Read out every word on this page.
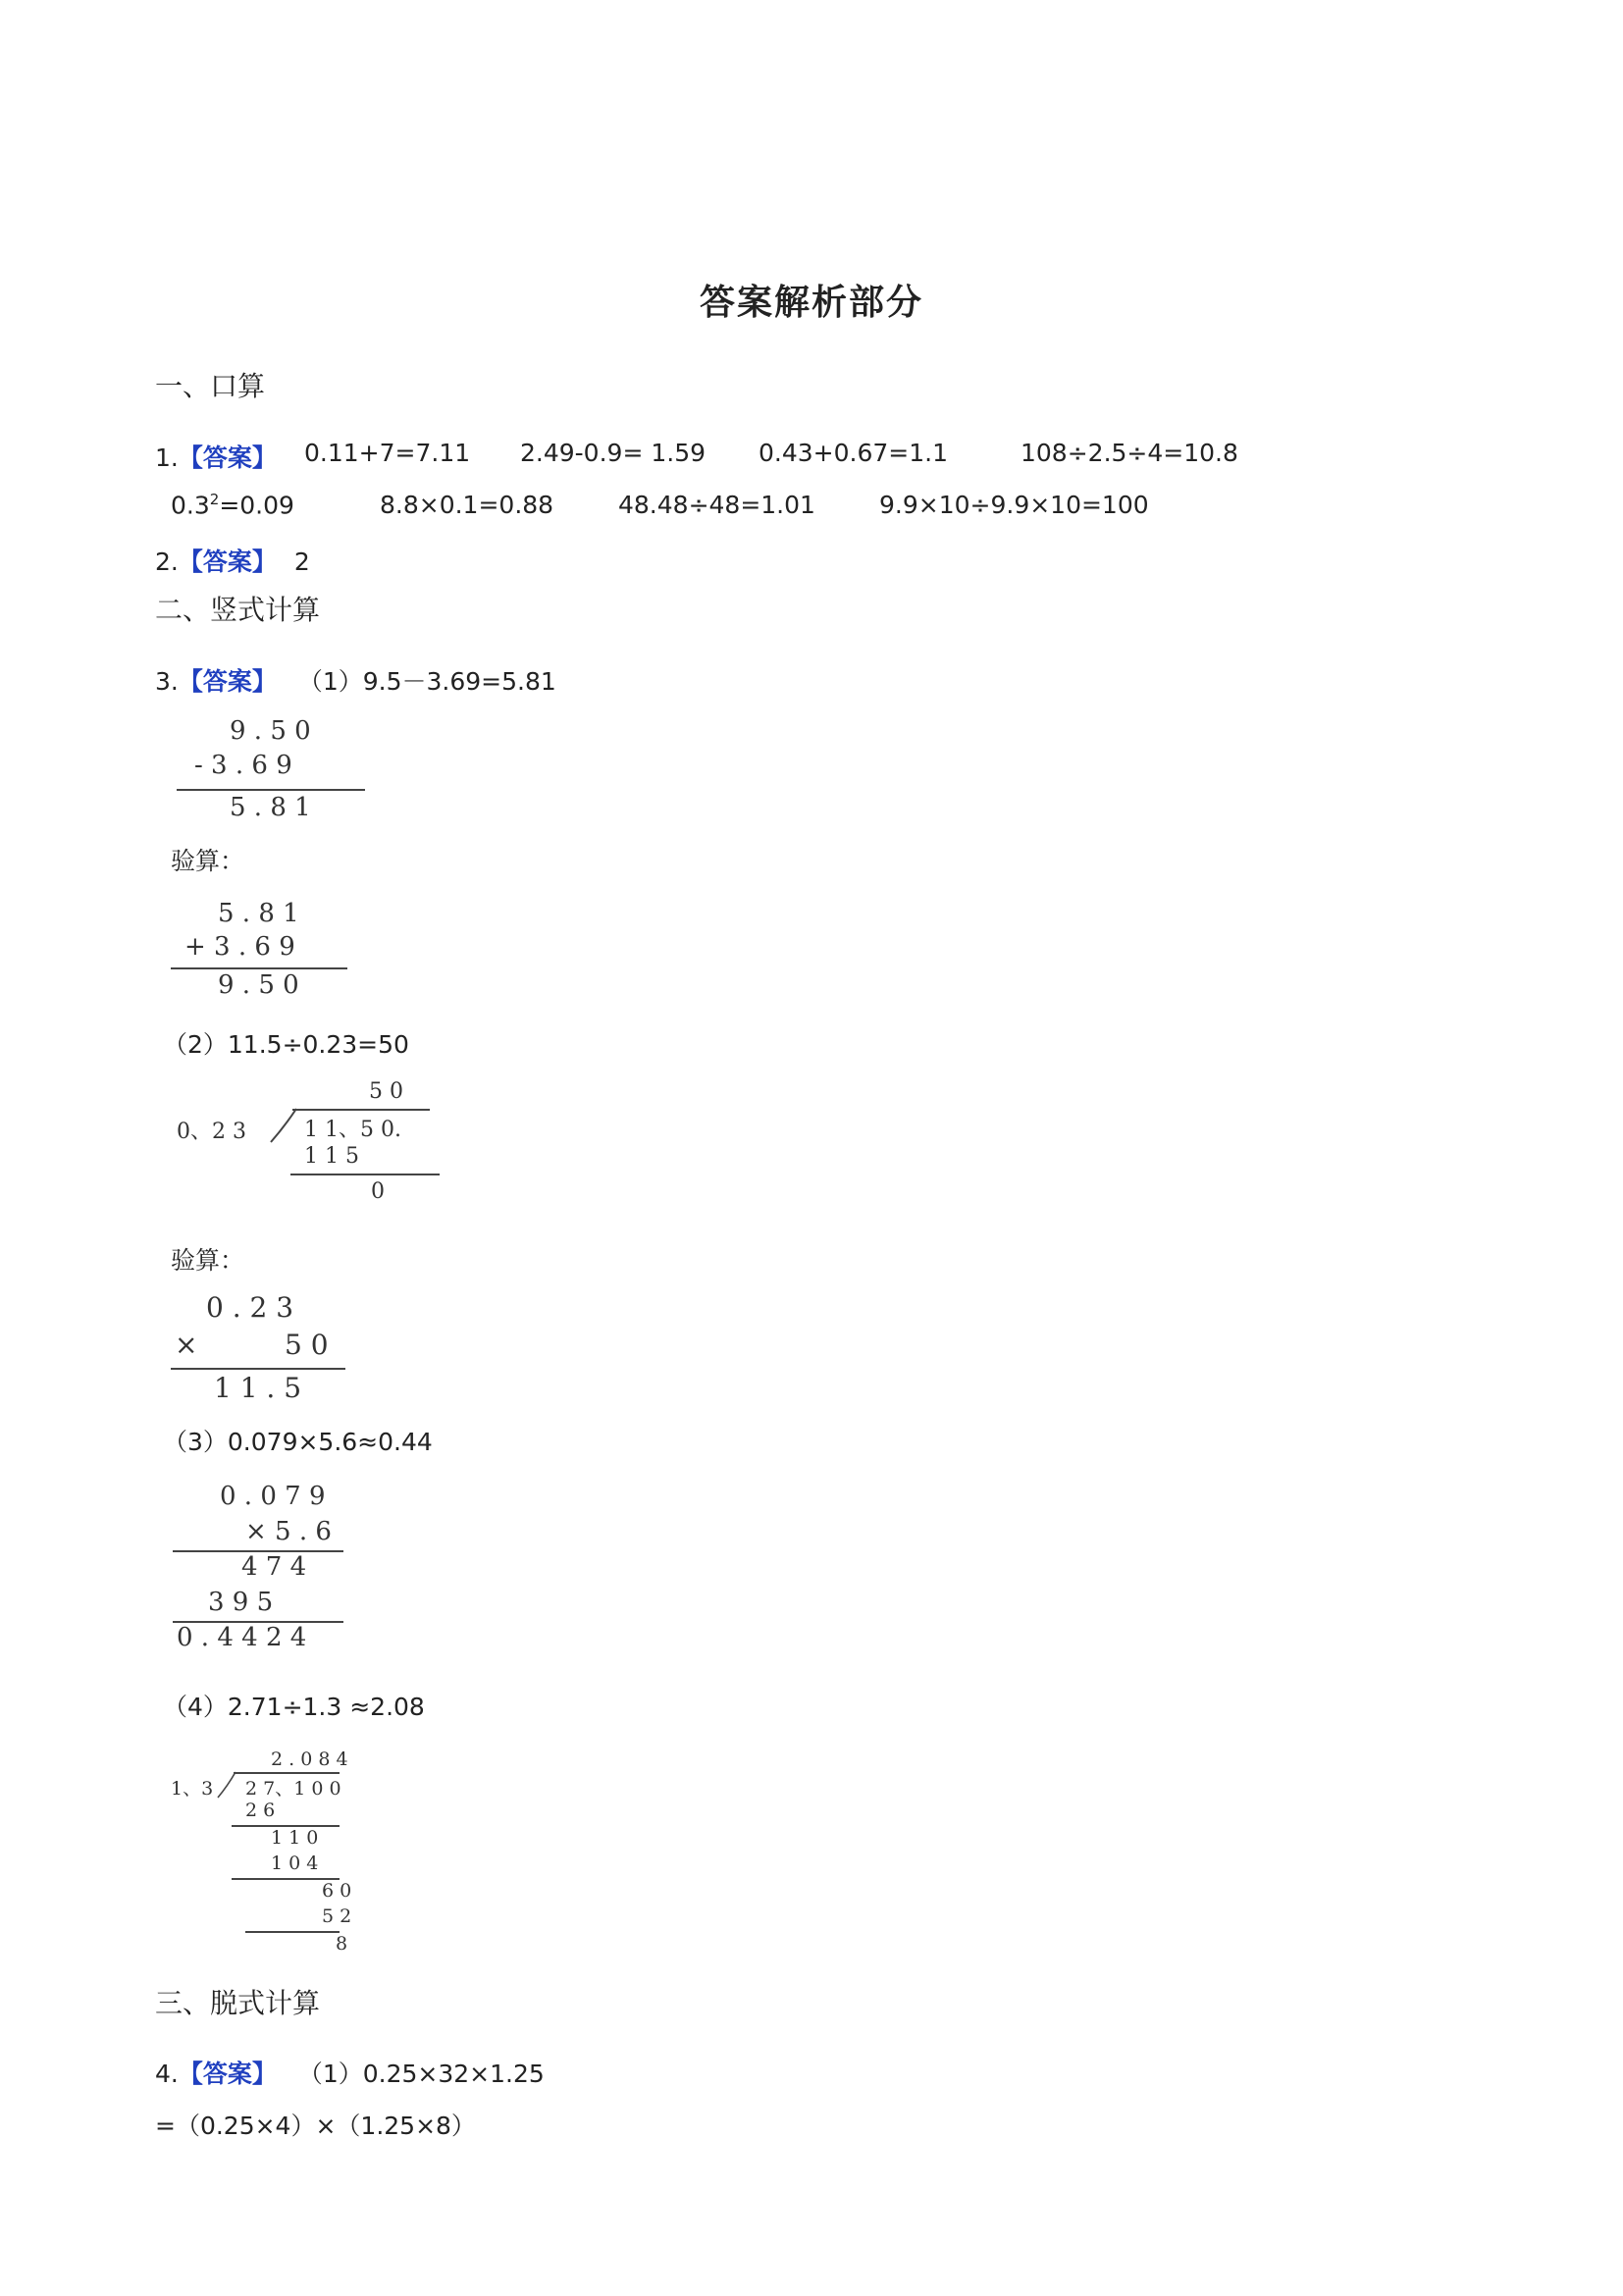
答案解析部分
一、口算
1.【答案】 0.11+7=7.11 2.49-0.9= 1.59 0.43+0.67=1.1	108÷2.5÷4=10.8
$0.3^2=0.09$	8.8×0.1=0.88	48.48÷48=1.01	9.9×10÷9.9×10=100
2.【答案】 2
二、竖式计算
3.【答案】 （1）9.5－3.69=5.81
9 . 5 0
- 3 . 6 9
5 . 8 1
验算：
5 . 8 1
+ 3 . 6 9
9 . 5 0
（2）11.5÷0.23=50
5 0
0、2 3	1 1、5 0.
1 1 5
0
验算：
0 . 2 3
×	5 0
1 1 . 5
（3）0.079×5.6≈0.44
0 . 0 7 9
× 5 . 6
4 7 4
3 9 5
0 . 4 4 2 4
（4）2.71÷1.3 ≈2.08
2 . 0 8 4
1、3 2 7、1 0 0
2 6
1 1 0
1 0 4
6 0
5 2
8
三、脱式计算
4.【答案】 （1）0.25×32×1.25
=（0.25×4）×（1.25×8）
